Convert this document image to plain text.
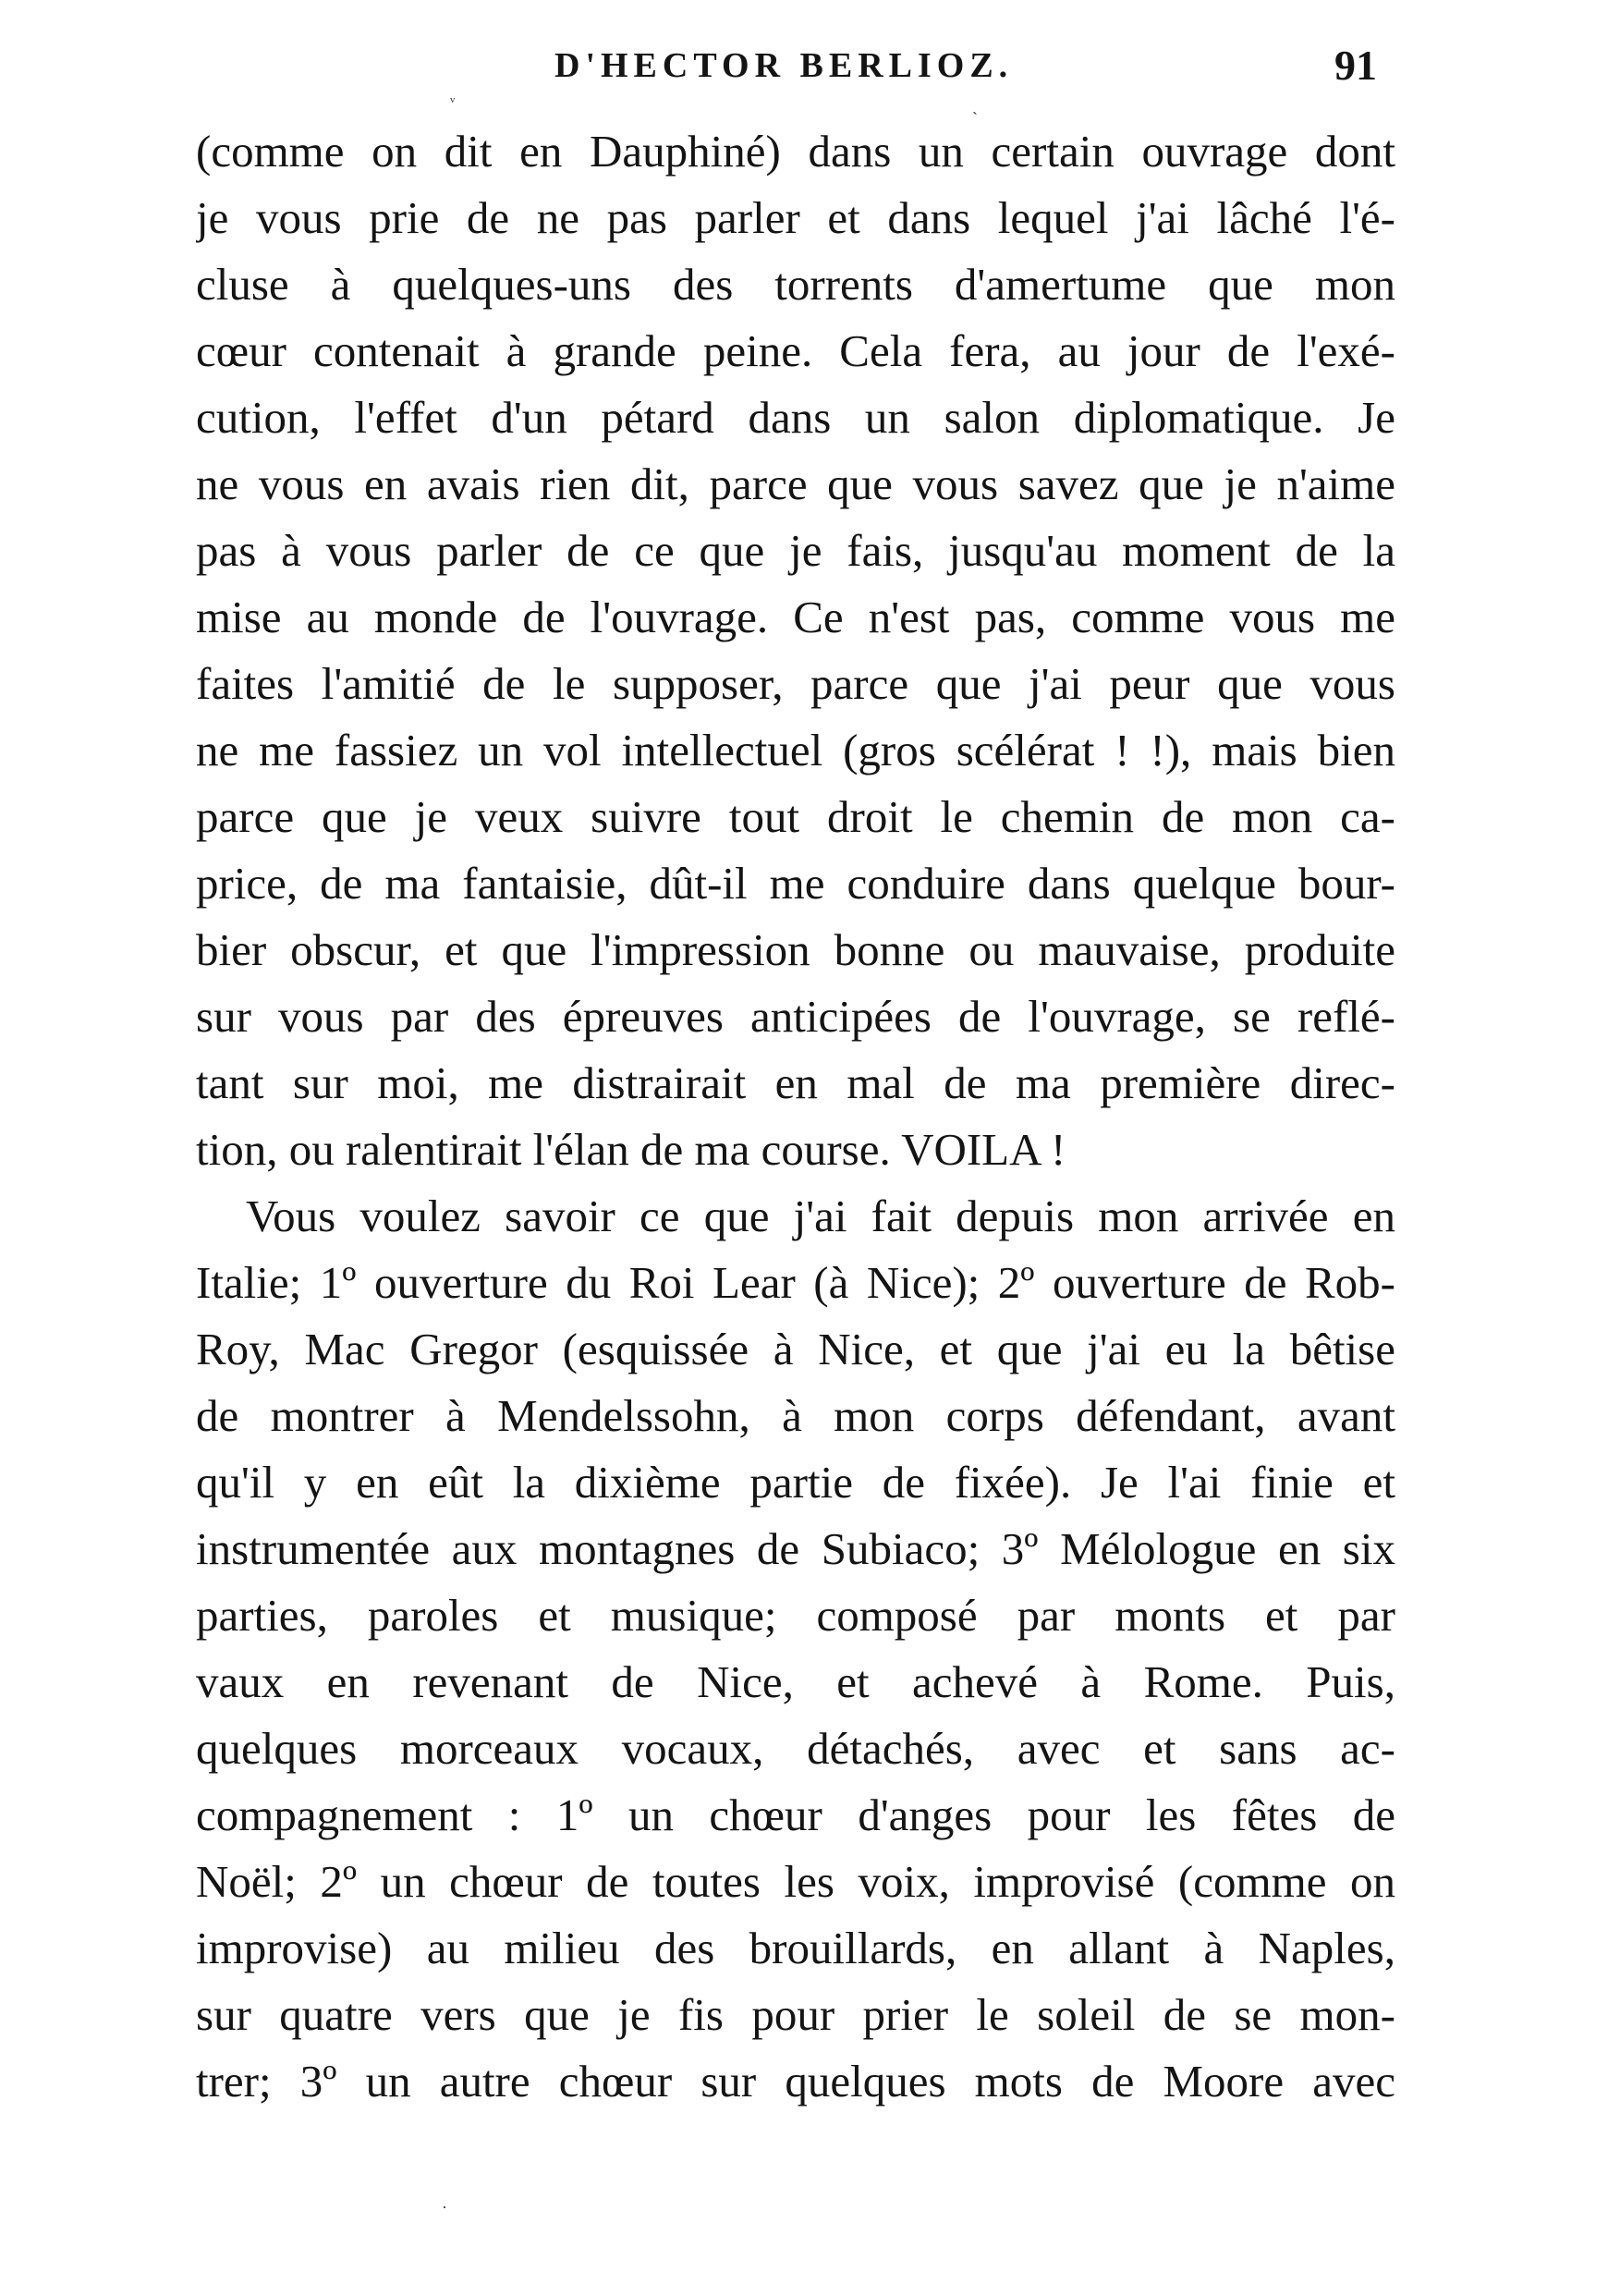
D'HECTOR BERLIOZ.	91
ᵛ	ˎ
·
(comme on dit en Dauphiné) dans un certain ouvrage dont
je vous prie de ne pas parler et dans lequel j'ai lâché l'é-
cluse à quelques-uns des torrents d'amertume que mon
cœur contenait à grande peine. Cela fera, au jour de l'exé-
cution, l'effet d'un pétard dans un salon diplomatique. Je
ne vous en avais rien dit, parce que vous savez que je n'aime
pas à vous parler de ce que je fais, jusqu'au moment de la
mise au monde de l'ouvrage. Ce n'est pas, comme vous me
faites l'amitié de le supposer, parce que j'ai peur que vous
ne me fassiez un vol intellectuel (gros scélérat ! !), mais bien
parce que je veux suivre tout droit le chemin de mon ca-
price, de ma fantaisie, dût-il me conduire dans quelque bour-
bier obscur, et que l'impression bonne ou mauvaise, produite
sur vous par des épreuves anticipées de l'ouvrage, se reflé-
tant sur moi, me distrairait en mal de ma première direc-
tion, ou ralentirait l'élan de ma course. VOILA !
Vous voulez savoir ce que j'ai fait depuis mon arrivée en
Italie; 1º ouverture du Roi Lear (à Nice); 2º ouverture de Rob-
Roy, Mac Gregor (esquissée à Nice, et que j'ai eu la bêtise
de montrer à Mendelssohn, à mon corps défendant, avant
qu'il y en eût la dixième partie de fixée). Je l'ai finie et
instrumentée aux montagnes de Subiaco; 3º Mélologue en six
parties, paroles et musique; composé par monts et par
vaux en revenant de Nice, et achevé à Rome. Puis,
quelques morceaux vocaux, détachés, avec et sans ac-
compagnement : 1º un chœur d'anges pour les fêtes de
Noël; 2º un chœur de toutes les voix, improvisé (comme on
improvise) au milieu des brouillards, en allant à Naples,
sur quatre vers que je fis pour prier le soleil de se mon-
trer; 3º un autre chœur sur quelques mots de Moore avec
